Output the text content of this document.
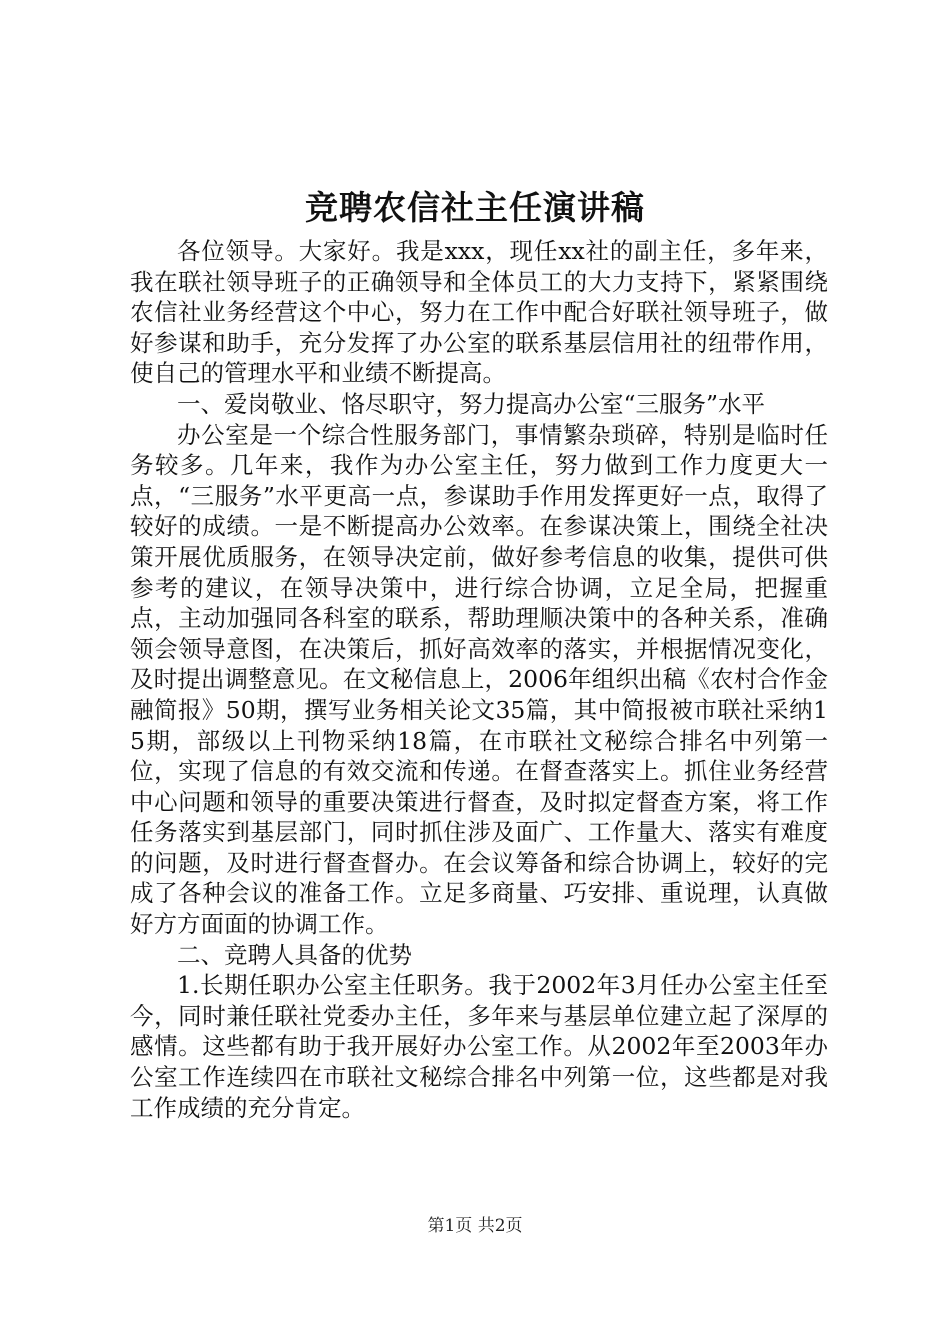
竞聘农信社主任演讲稿

各位领导。大家好。我是xxx，现任xx社的副主任，多年来，我在联社领导班子的正确领导和全体员工的大力支持下，紧紧围绕农信社业务经营这个中心，努力在工作中配合好联社领导班子，做好参谋和助手，充分发挥了办公室的联系基层信用社的纽带作用，使自己的管理水平和业绩不断提高。

一、爱岗敬业、恪尽职守，努力提高办公室“三服务”水平

办公室是一个综合性服务部门，事情繁杂琐碎，特别是临时任务较多。几年来，我作为办公室主任，努力做到工作力度更大一点，“三服务”水平更高一点，参谋助手作用发挥更好一点，取得了较好的成绩。一是不断提高办公效率。在参谋决策上，围绕全社决策开展优质服务，在领导决定前，做好参考信息的收集，提供可供参考的建议，在领导决策中，进行综合协调，立足全局，把握重点，主动加强同各科室的联系，帮助理顺决策中的各种关系，准确领会领导意图，在决策后，抓好高效率的落实，并根据情况变化，及时提出调整意见。在文秘信息上，2006年组织出稿《农村合作金融简报》50期，撰写业务相关论文35篇，其中简报被市联社采纳15期，部级以上刊物采纳18篇，在市联社文秘综合排名中列第一位，实现了信息的有效交流和传递。在督查落实上。抓住业务经营中心问题和领导的重要决策进行督查，及时拟定督查方案，将工作任务落实到基层部门，同时抓住涉及面广、工作量大、落实有难度的问题，及时进行督查督办。在会议筹备和综合协调上，较好的完成了各种会议的准备工作。立足多商量、巧安排、重说理，认真做好方方面面的协调工作。

二、竞聘人具备的优势

1.长期任职办公室主任职务。我于2002年3月任办公室主任至今，同时兼任联社党委办主任，多年来与基层单位建立起了深厚的感情。这些都有助于我开展好办公室工作。从2002年至2003年办公室工作连续四在市联社文秘综合排名中列第一位，这些都是对我工作成绩的充分肯定。

第1页 共2页
